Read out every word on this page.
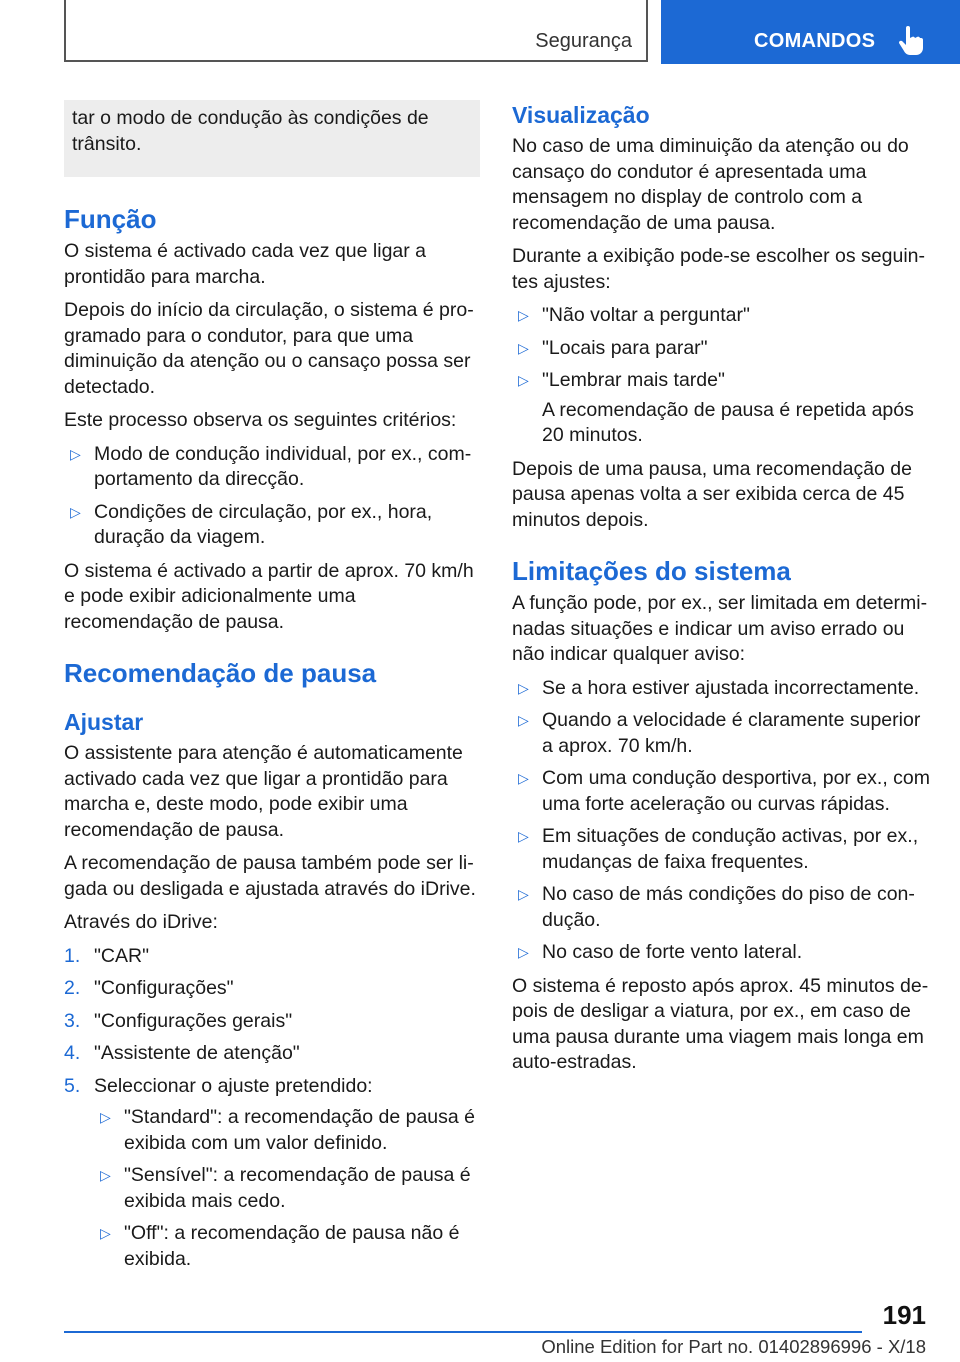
Segurança	COMANDOS

tar o modo de condução às condições de trânsito.

Função

O sistema é activado cada vez que ligar a prontidão para marcha.

Depois do início da circulação, o sistema é programado para o condutor, para que uma diminuição da atenção ou o cansaço possa ser detectado.

Este processo observa os seguintes critérios:

▷ Modo de condução individual, por ex., comportamento da direcção.
▷ Condições de circulação, por ex., hora, duração da viagem.

O sistema é activado a partir de aprox. 70 km/h e pode exibir adicionalmente uma recomendação de pausa.

Recomendação de pausa
Ajustar

O assistente para atenção é automaticamente activado cada vez que ligar a prontidão para marcha e, deste modo, pode exibir uma recomendação de pausa.

A recomendação de pausa também pode ser ligada ou desligada e ajustada através do iDrive.

Através do iDrive:

1. "CAR"
2. "Configurações"
3. "Configurações gerais"
4. "Assistente de atenção"
5. Seleccionar o ajuste pretendido:
▷ "Standard": a recomendação de pausa é exibida com um valor definido.
▷ "Sensível": a recomendação de pausa é exibida mais cedo.
▷ "Off": a recomendação de pausa não é exibida.
Visualização

No caso de uma diminuição da atenção ou do cansaço do condutor é apresentada uma mensagem no display de controlo com a recomendação de uma pausa.

Durante a exibição pode-se escolher os seguintes ajustes:

▷ "Não voltar a perguntar"
▷ "Locais para parar"
▷ "Lembrar mais tarde"
A recomendação de pausa é repetida após 20 minutos.

Depois de uma pausa, uma recomendação de pausa apenas volta a ser exibida cerca de 45 minutos depois.

Limitações do sistema

A função pode, por ex., ser limitada em determinadas situações e indicar um aviso errado ou não indicar qualquer aviso:

▷ Se a hora estiver ajustada incorrectamente.
▷ Quando a velocidade é claramente superior a aprox. 70 km/h.
▷ Com uma condução desportiva, por ex., com uma forte aceleração ou curvas rápidas.
▷ Em situações de condução activas, por ex., mudanças de faixa frequentes.
▷ No caso de más condições do piso de condução.
▷ No caso de forte vento lateral.

O sistema é reposto após aprox. 45 minutos depois de desligar a viatura, por ex., em caso de uma pausa durante uma viagem mais longa em auto-estradas.

191
Online Edition for Part no. 01402896996 - X/18
